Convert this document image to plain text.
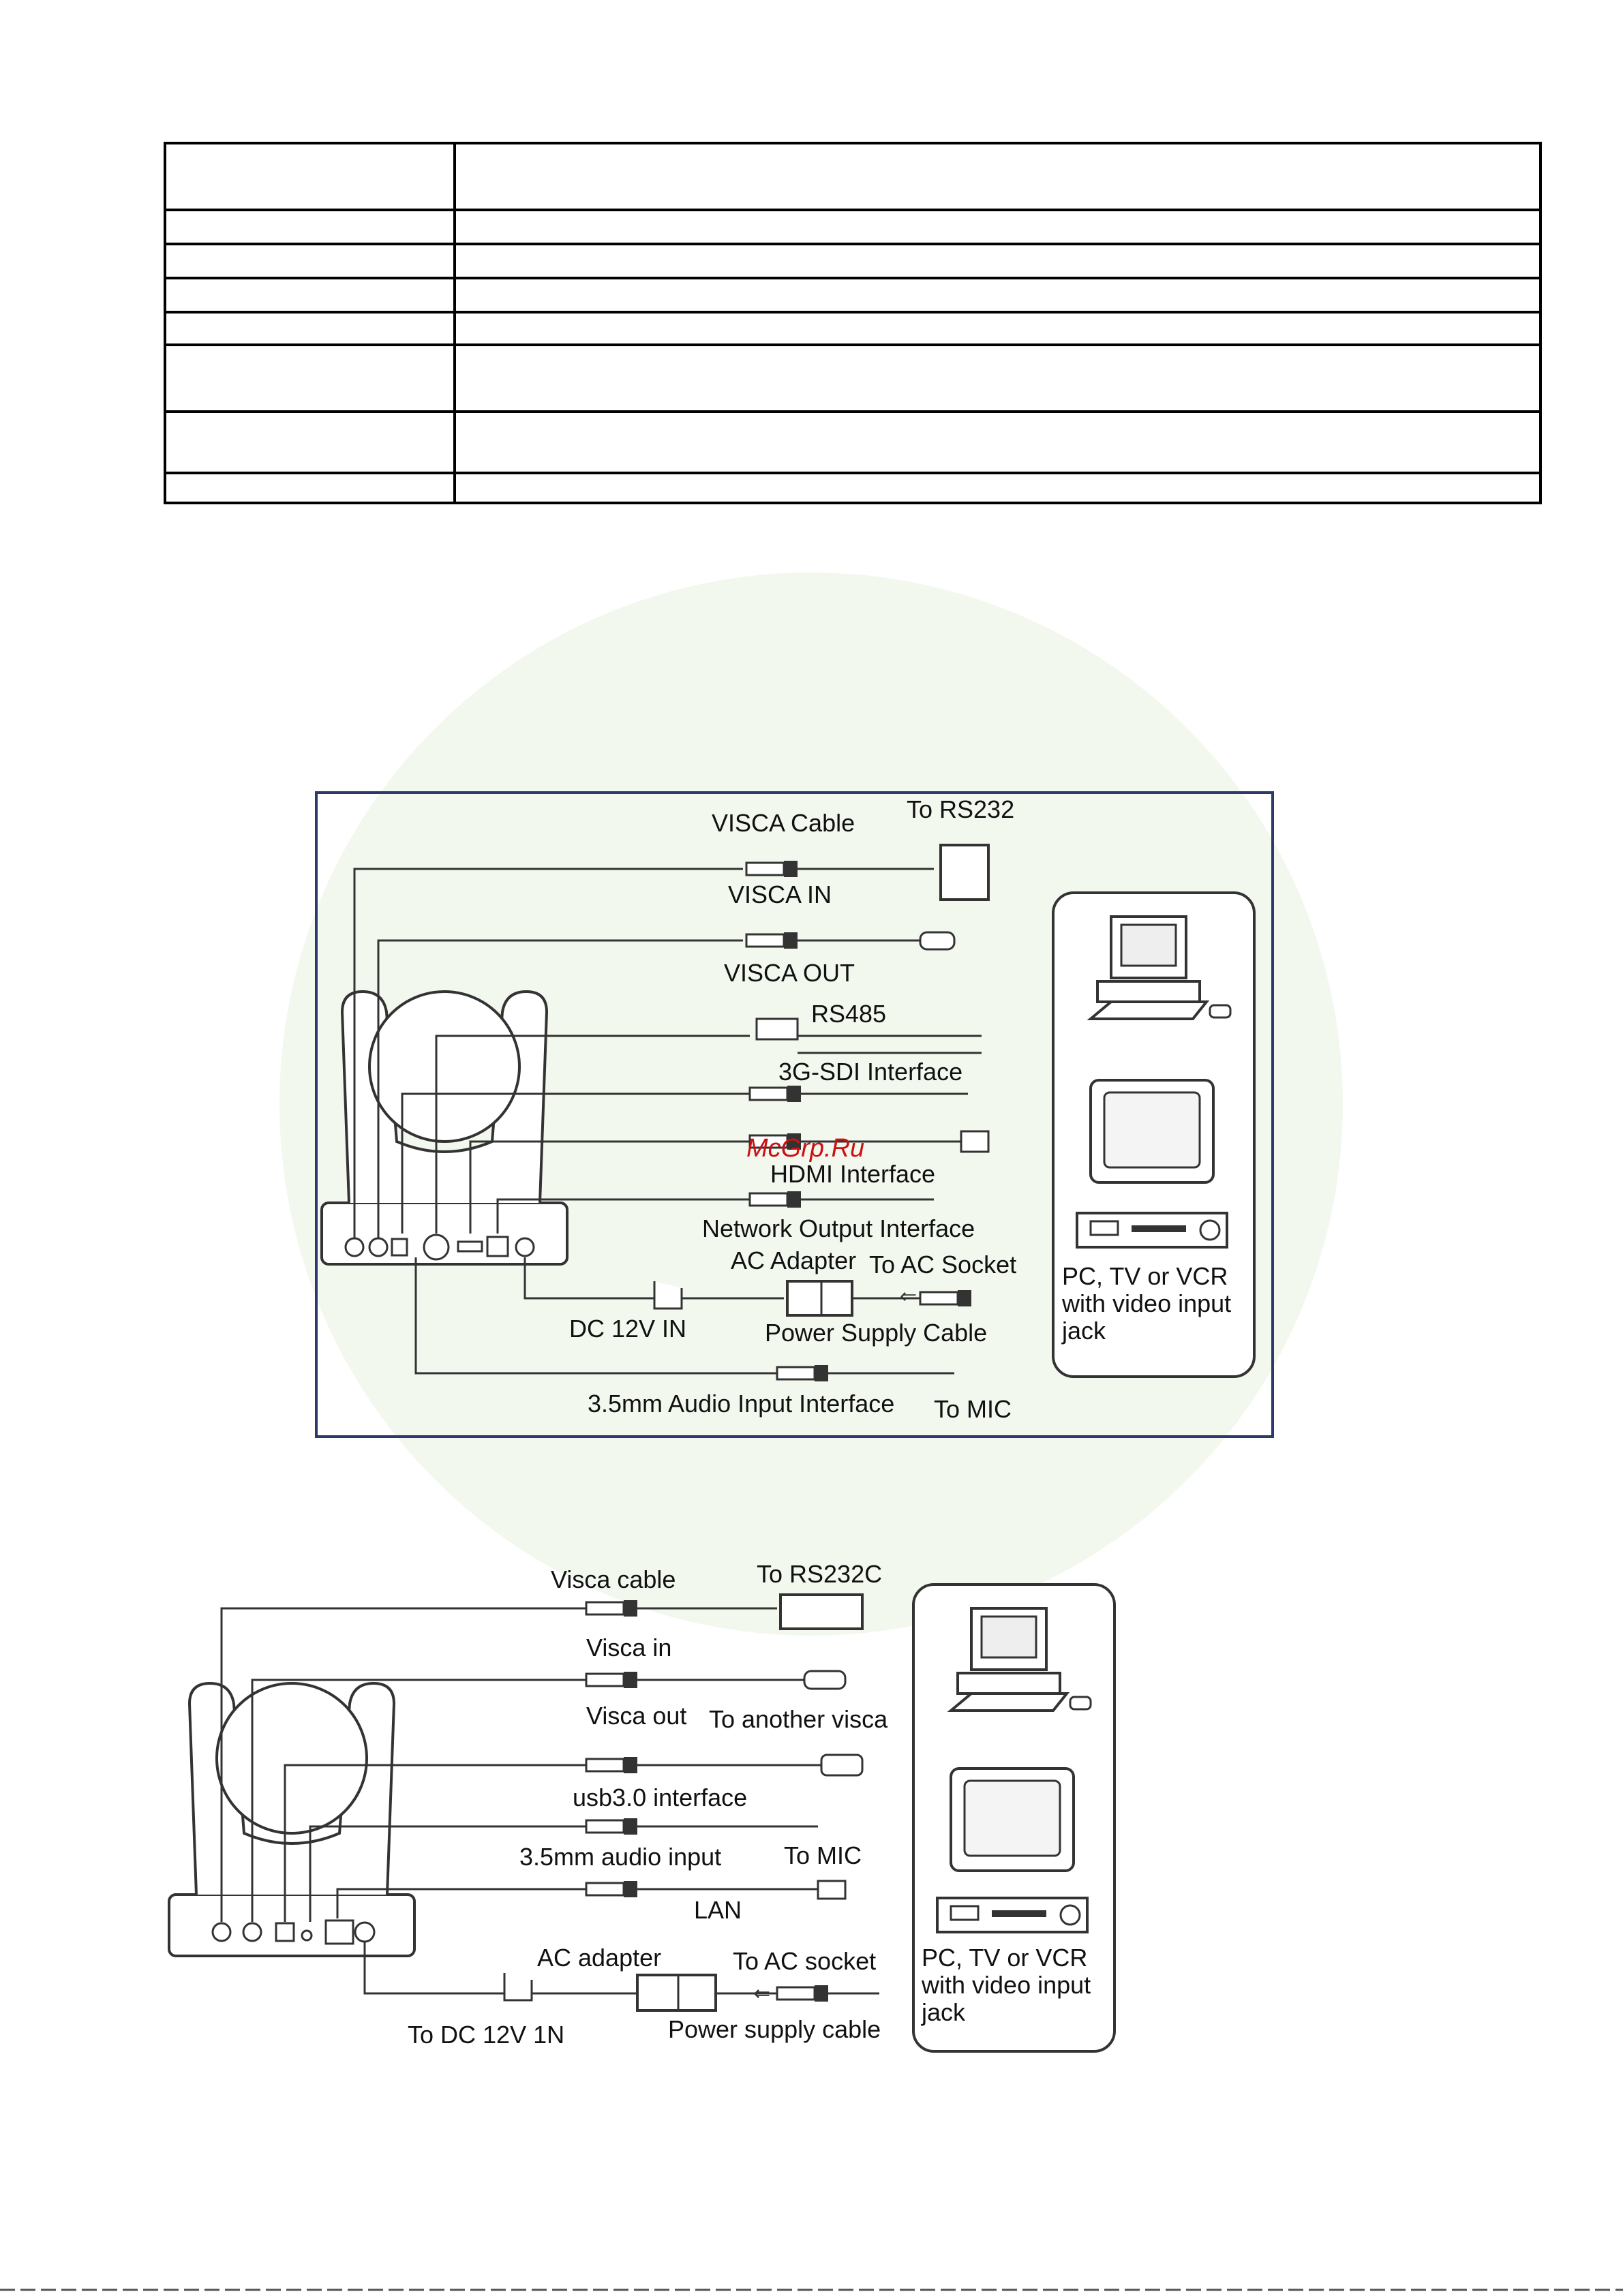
⇐
VISCA Cable To RS232
VISCA IN
VISCA OUT
RS485
3G-SDI Interface
HDMI Interface
Network Output Interface
AC Adapter To AC Socket
DC 12V IN	Power Supply Cable
3.5mm Audio Input Interface To MIC
PC, TV or VCR
with video input
jack
McGrp.Ru
⇐
Visca cable	To RS232C
Visca in
Visca out To another visca
usb3.0 interface
3.5mm audio input	To MIC
LAN
AC adapter	To AC socket
To DC 12V 1N	Power supply cable
PC, TV or VCR
with video input
jack
